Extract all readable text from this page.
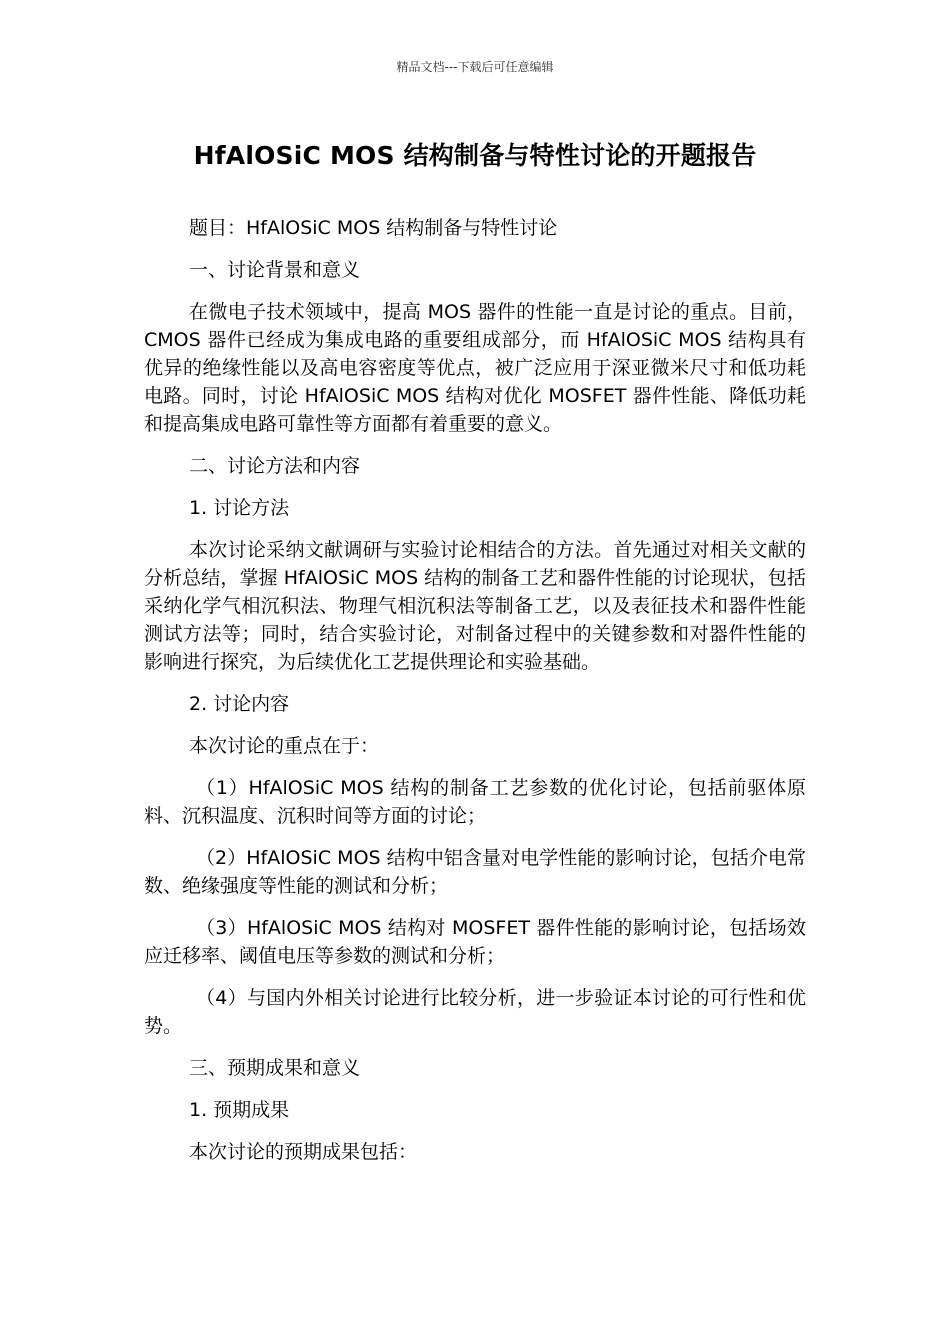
精品文档---下载后可任意编辑
HfAlOSiC MOS 结构制备与特性讨论的开题报告

题目：HfAlOSiC MOS 结构制备与特性讨论

一、讨论背景和意义

在微电子技术领域中，提高 MOS 器件的性能一直是讨论的重点。目前，CMOS 器件已经成为集成电路的重要组成部分，而 HfAlOSiC MOS 结构具有优异的绝缘性能以及高电容密度等优点，被广泛应用于深亚微米尺寸和低功耗电路。同时，讨论 HfAlOSiC MOS 结构对优化 MOSFET 器件性能、降低功耗和提高集成电路可靠性等方面都有着重要的意义。

二、讨论方法和内容

1. 讨论方法

本次讨论采纳文献调研与实验讨论相结合的方法。首先通过对相关文献的分析总结，掌握 HfAlOSiC MOS 结构的制备工艺和器件性能的讨论现状，包括采纳化学气相沉积法、物理气相沉积法等制备工艺，以及表征技术和器件性能测试方法等；同时，结合实验讨论，对制备过程中的关键参数和对器件性能的影响进行探究，为后续优化工艺提供理论和实验基础。

2. 讨论内容

本次讨论的重点在于：

（1）HfAlOSiC MOS 结构的制备工艺参数的优化讨论，包括前驱体原料、沉积温度、沉积时间等方面的讨论；

（2）HfAlOSiC MOS 结构中铝含量对电学性能的影响讨论，包括介电常数、绝缘强度等性能的测试和分析；

（3）HfAlOSiC MOS 结构对 MOSFET 器件性能的影响讨论，包括场效应迁移率、阈值电压等参数的测试和分析；

（4）与国内外相关讨论进行比较分析，进一步验证本讨论的可行性和优势。

三、预期成果和意义

1. 预期成果

本次讨论的预期成果包括：
